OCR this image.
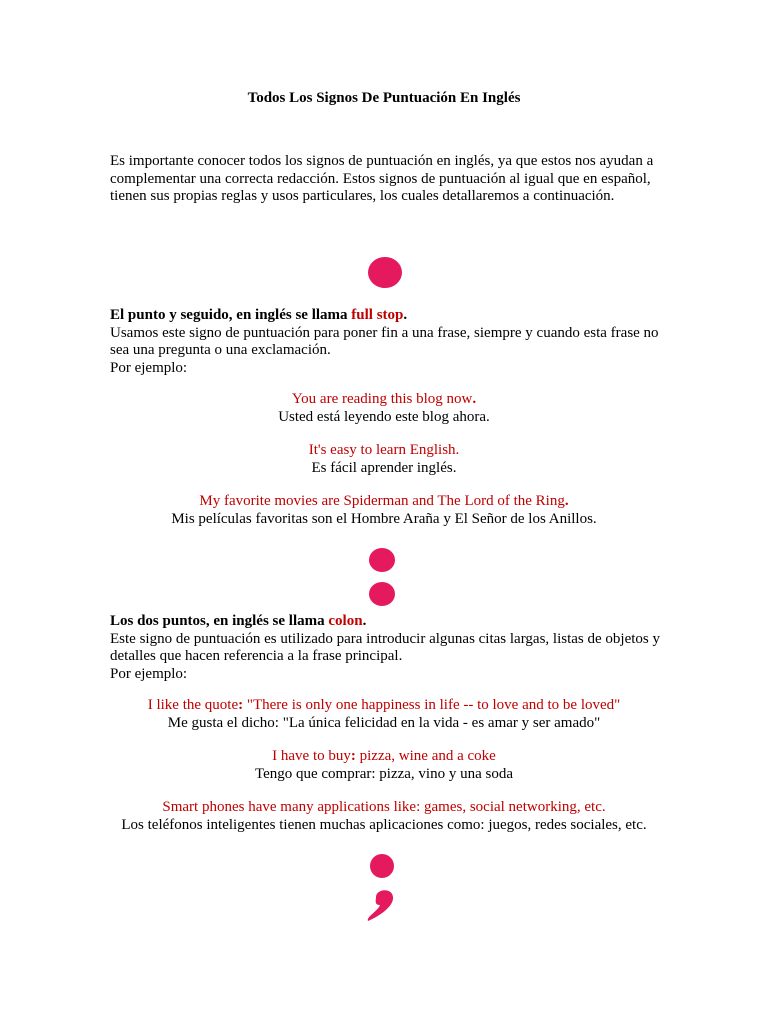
Todos Los Signos De Puntuación En Inglés
Es importante conocer todos los signos de puntuación en inglés, ya que estos nos ayudan a complementar una correcta redacción. Estos signos de puntuación al igual que en español, tienen sus propias reglas y usos particulares, los cuales detallaremos a continuación.
El punto y seguido, en inglés se llama full stop.
Usamos este signo de puntuación para poner fin a una frase, siempre y cuando esta frase no sea una pregunta o una exclamación.
Por ejemplo:
You are reading this blog now.
Usted está leyendo este blog ahora.
It's easy to learn English.
Es fácil aprender inglés.
My favorite movies are Spiderman and The Lord of the Ring.
Mis películas favoritas son el Hombre Araña y El Señor de los Anillos.
Los dos puntos, en inglés se llama colon.
Este signo de puntuación es utilizado para introducir algunas citas largas, listas de objetos y detalles que hacen referencia a la frase principal.
Por ejemplo:
I like the quote: "There is only one happiness in life -- to love and to be loved"
Me gusta el dicho: "La única felicidad en la vida - es amar y ser amado"
I have to buy: pizza, wine and a coke
Tengo que comprar: pizza, vino y una soda
Smart phones have many applications like: games, social networking, etc.
Los teléfonos inteligentes tienen muchas aplicaciones como: juegos, redes sociales, etc.
